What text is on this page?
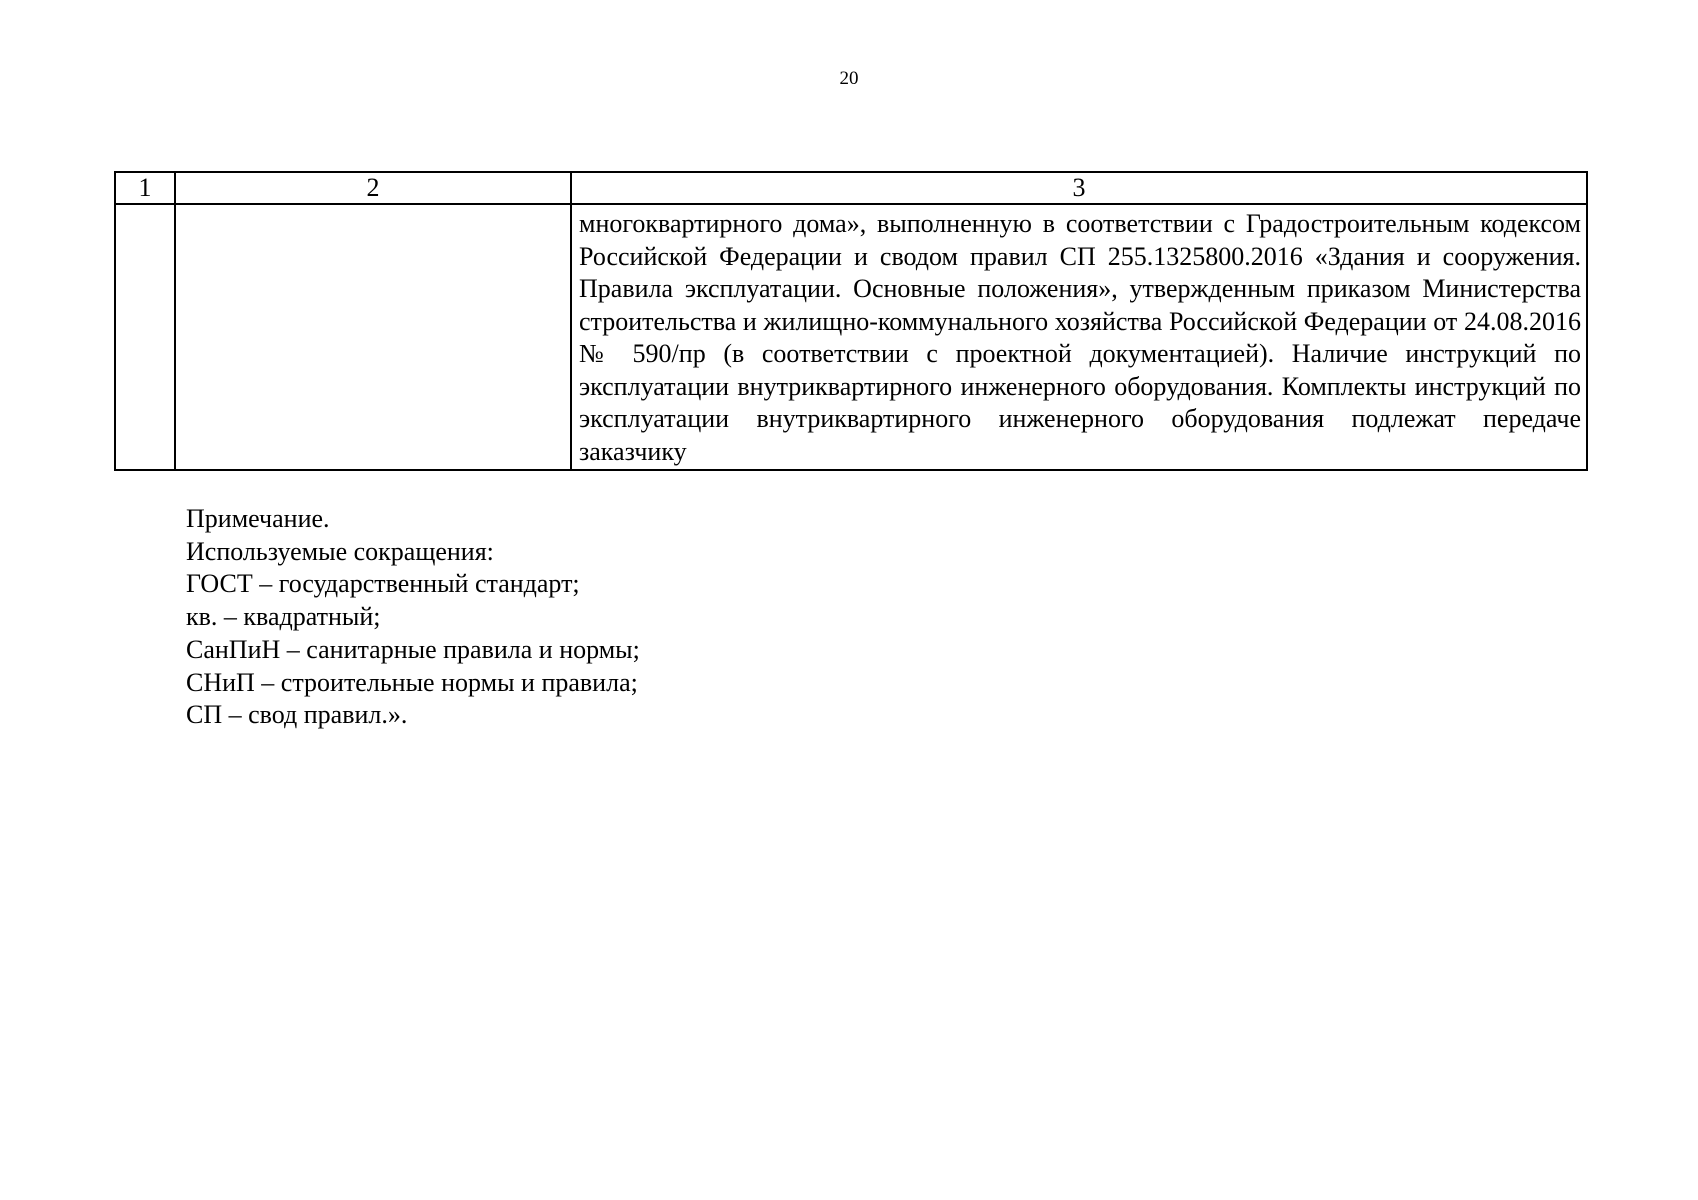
20
1	2	3

		многоквартирного дома», выполненную в соответствии с Градостроительным кодексом Российской Федерации и сводом правил СП 255.1325800.2016 «Здания и сооружения. Правила эксплуатации. Основные положения», утвержденным приказом Министерства строительства и жилищно-коммунального хозяйства Российской Федерации от 24.08.2016 № 590/пр (в соответствии с проектной документацией). Наличие инструкций по эксплуатации внутриквартирного инженерного оборудования. Комплекты инструкций по эксплуатации внутриквартирного инженерного оборудования подлежат передаче заказчику
Примечание.
Используемые сокращения:
ГОСТ – государственный стандарт;
кв. – квадратный;
СанПиН – санитарные правила и нормы;
СНиП – строительные нормы и правила;
СП – свод правил.».
